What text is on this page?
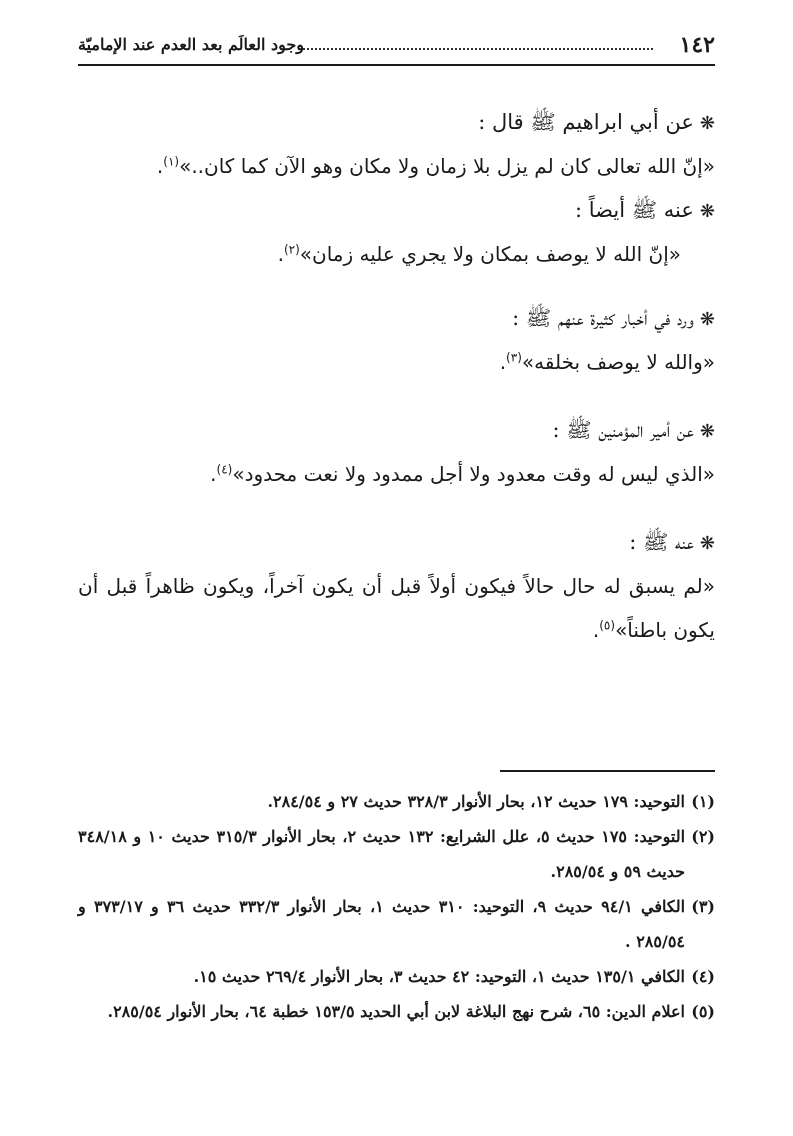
١٤٢
وجود العالَم بعد العدم عند الإماميّة
❋عن أبي ابراهيم ﷺ قال :
«إنّ الله تعالى كان لم يزل بلا زمان ولا مكان وهو الآن كما كان..»$^{(١)}$.
❋عنه ﷺ أيضاً :
«إنّ الله لا يوصف بمكان ولا يجري عليه زمان»$^{(٢)}$.
❋ورد في أخبار كثيرة عنهم ﷺ :
«والله لا يوصف بخلقه»$^{(٣)}$.
❋عن أمير المؤمنين ﷺ :
«الذي ليس له وقت معدود ولا أجل ممدود ولا نعت محدود»$^{(٤)}$.
❋عنه ﷺ :
«لم يسبق له حال حالاً فيكون أولاً قبل أن يكون آخراً، ويكون ظاهراً قبل أن يكون باطناً»$^{(٥)}$.
(١)
التوحيد: ١٧٩ حديث ١٢، بحار الأنوار ٣٢٨/٣ حديث ٢٧ و ٢٨٤/٥٤.
(٢)
التوحيد: ١٧٥ حديث ٥، علل الشرايع: ١٣٢ حديث ٢، بحار الأنوار ٣١٥/٣ حديث ١٠ و ٣٤٨/١٨ حديث ٥٩ و ٢٨٥/٥٤.
(٣)
الكافي ٩٤/١ حديث ٩، التوحيد: ٣١٠ حديث ١، بحار الأنوار ٣٣٢/٣ حديث ٣٦ و ٣٧٣/١٧ و ٢٨٥/٥٤ .
(٤)
الكافي ١٣٥/١ حديث ١، التوحيد: ٤٢ حديث ٣، بحار الأنوار ٢٦٩/٤ حديث ١٥.
(٥)
اعلام الدين: ٦٥، شرح نهج البلاغة لابن أبي الحديد ١٥٣/٥ خطبة ٦٤، بحار الأنوار ٢٨٥/٥٤.
